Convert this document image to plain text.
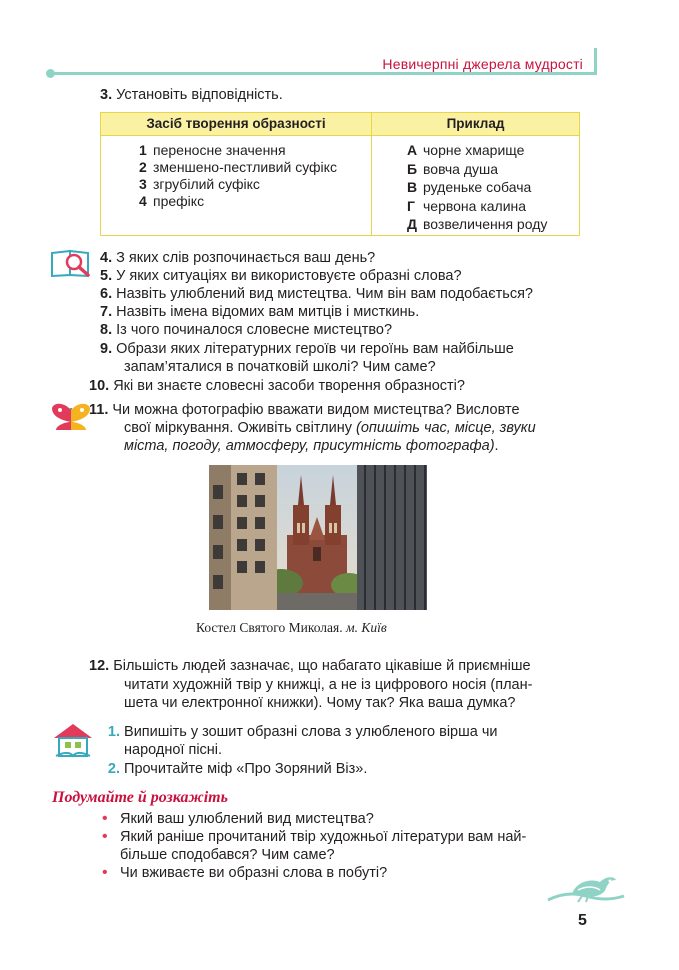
Невичерпні джерела мудрості
3. Установіть відповідність.
Засіб творення образності	Приклад
1 переносне значення
2 зменшено-пестливий суфікс
3 згрубілий суфікс
4 префікс
А чорне хмарище
Б вовча душа
В руденьке собача
Г червона калина
Д возвеличення роду
4. З яких слів розпочинається ваш день?
5. У яких ситуаціях ви використовуєте образні слова?
6. Назвіть улюблений вид мистецтва. Чим він вам подобається?
7. Назвіть імена відомих вам митців і мисткинь.
8. Із чого починалося словесне мистецтво?
9. Образи яких літературних героїв чи героїнь вам найбільше
запам’яталися в початковій школі? Чим саме?
10. Які ви знаєте словесні засоби творення образності?
11. Чи можна фотографію вважати видом мистецтва? Висловте
свої міркування. Оживіть світлину (опишіть час, місце, звуки
міста, погоду, атмосферу, присутність фотографа).
Костел Святого Миколая. м. Київ
12. Більшість людей зазначає, що набагато цікавіше й приємніше
читати художній твір у книжці, а не із цифрового носія (план-
шета чи електронної книжки). Чому так? Яка ваша думка?
1. Випишіть у зошит образні слова з улюбленого вірша чи
народної пісні.
2. Прочитайте міф «Про Зоряний Віз».
Подумайте й розкажіть
• Який ваш улюблений вид мистецтва?
• Який раніше прочитаний твір художньої літератури вам най-
більше сподобався? Чим саме?
• Чи вживаєте ви образні слова в побуті?
5
